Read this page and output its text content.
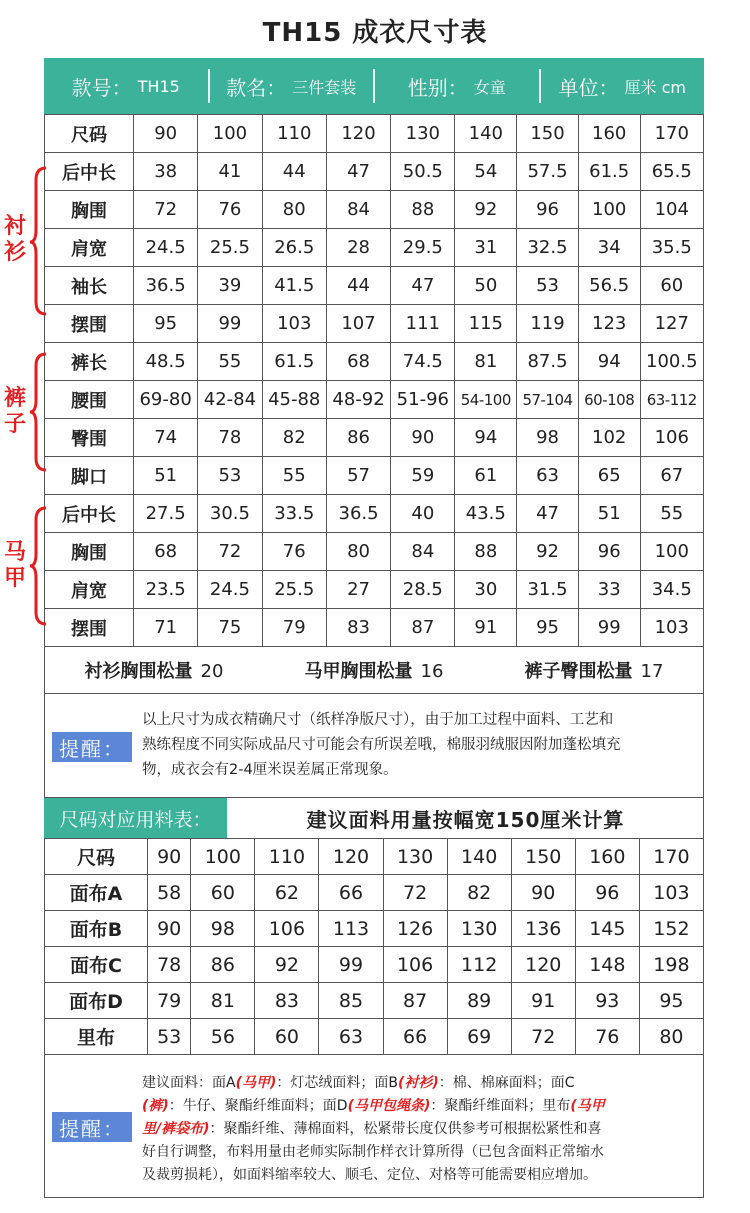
TH15 成衣尺寸表
款号： TH15 款名： 三件套装	性别： 女童	单位： 厘米 cm
尺码	90	100	110	120	130	140	150	160	170
后中长	38	41	44	47	50.5	54	57.5	61.5	65.5
胸围	72	76	80	84	88	92	96	100	104
肩宽	24.5	25.5	26.5	28	29.5	31	32.5	34	35.5
袖长	36.5	39	41.5	44	47	50	53	56.5	60
摆围	95	99	103	107	111	115	119	123	127
裤长	48.5	55	61.5	68	74.5	81	87.5	94	100.5
腰围	69-80	42-84	45-88	48-92	51-96	54-100	57-104	60-108	63-112
臀围	74	78	82	86	90	94	98	102	106
脚口	51	53	55	57	59	61	63	65	67
后中长	27.5	30.5	33.5	36.5	40	43.5	47	51	55
胸围	68	72	76	80	84	88	92	96	100
肩宽	23.5	24.5	25.5	27	28.5	30	31.5	33	34.5
摆围	71	75	79	83	87	91	95	99	103
衬衫
裤子
马甲
衬衫胸围松量 20	马甲胸围松量 16	裤子臀围松量 17
提醒：
以上尺寸为成衣精确尺寸（纸样净版尺寸），由于加工过程中面料、工艺和
熟练程度不同实际成品尺寸可能会有所误差哦，棉服羽绒服因附加蓬松填充
物，成衣会有2-4厘米误差属正常现象。
尺码对应用料表：	建议面料用量按幅宽150厘米计算
尺码	90	100	110	120	130	140	150	160	170
面布A	58	60	62	66	72	82	90	96	103
面布B	90	98	106	113	126	130	136	145	152
面布C	78	86	92	99	106	112	120	148	198
面布D	79	81	83	85	87	89	91	93	95
里布	53	56	60	63	66	69	72	76	80
提醒：
建议面料：面A(马甲)：灯芯绒面料；面B(衬衫)：棉、棉麻面料；面C
(裤)：牛仔、聚酯纤维面料；面D(马甲包绳条)：聚酯纤维面料；里布(马甲
里/裤袋布)：聚酯纤维、薄棉面料，松紧带长度仅供参考可根据松紧性和喜
好自行调整，布料用量由老师实际制作样衣计算所得（已包含面料正常缩水
及裁剪损耗），如面料缩率较大、顺毛、定位、对格等可能需要相应增加。
